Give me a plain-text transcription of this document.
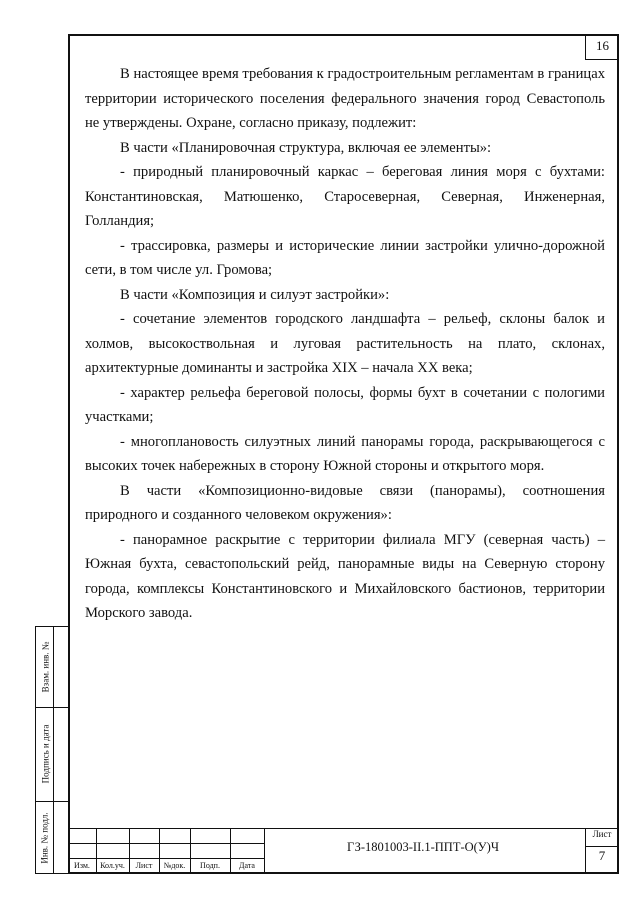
16

В настоящее время требования к градостроительным регламентам в границах территории исторического поселения федерального значения город Севастополь не утверждены. Охране, согласно приказу, подлежит:

В части «Планировочная структура, включая ее элементы»:

- природный планировочный каркас – береговая линия моря с бухтами: Константиновская, Матюшенко, Старосеверная, Северная, Инженерная, Голландия;

- трассировка, размеры и исторические линии застройки улично-дорожной сети, в том числе ул. Громова;

В части «Композиция и силуэт застройки»:

- сочетание элементов городского ландшафта – рельеф, склоны балок и холмов, высокоствольная и луговая растительность на плато, склонах, архитектурные доминанты и застройка XIX – начала XX века;

- характер рельефа береговой полосы, формы бухт в сочетании с пологими участками;

- многоплановость силуэтных линий панорамы города, раскрывающегося с высоких точек набережных в сторону Южной стороны и открытого моря.

В части «Композиционно-видовые связи (панорамы), соотношения природного и созданного человеком окружения»:

- панорамное раскрытие с территории филиала МГУ (северная часть) – Южная бухта, севастопольский рейд, панорамные виды на Северную сторону города, комплексы Константиновского и Михайловского бастионов, территории Морского завода.

Взам. инв. №
Подпись и дата
Инв. № подл.
Изм.	Кол.уч.	Лист	№док.	Подп.	Дата
ГЗ-1801003-II.1-ППТ-О(У)Ч
Лист
7
